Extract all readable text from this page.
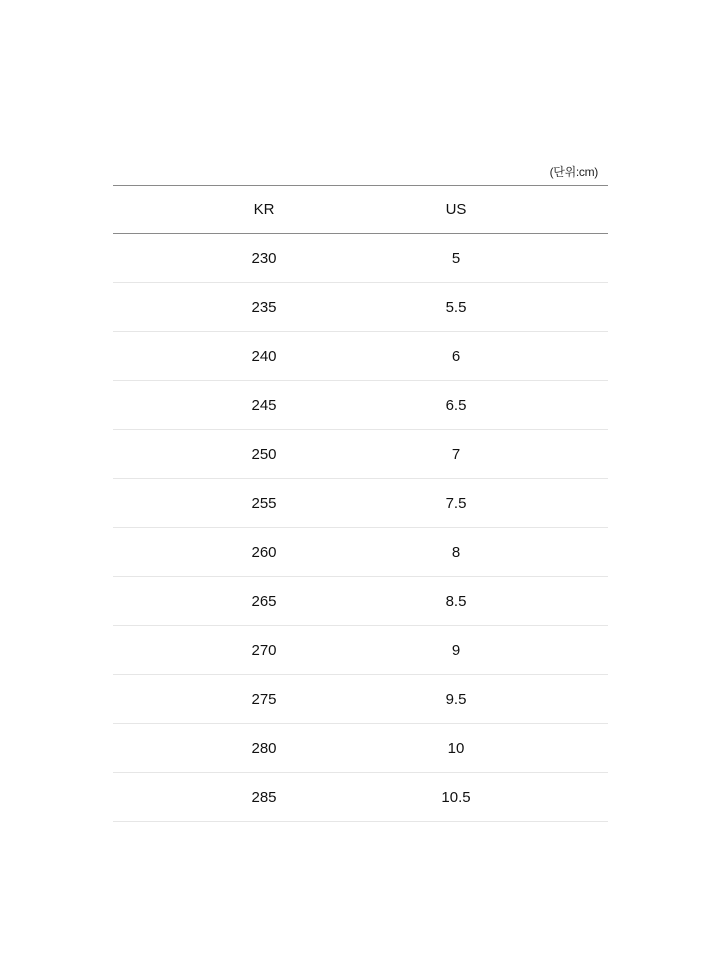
(단위:cm)
KR	US
230	5
235	5.5
240	6
245	6.5
250	7
255	7.5
260	8
265	8.5
270	9
275	9.5
280	10
285	10.5
